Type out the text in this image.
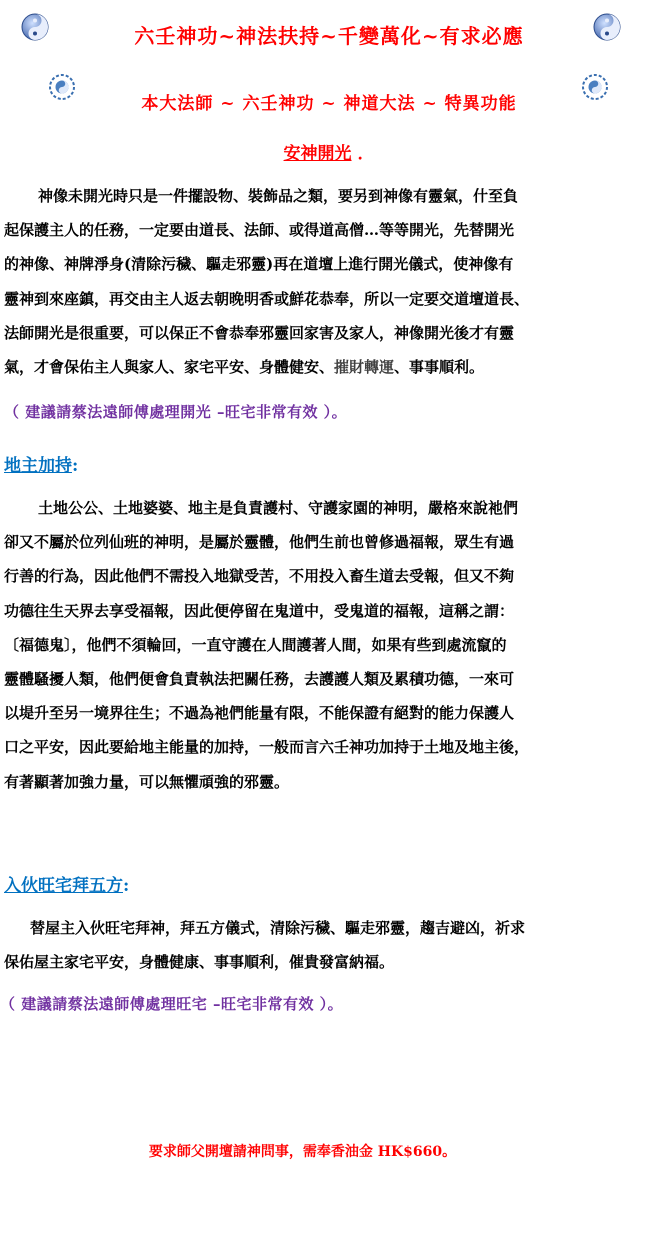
六壬神功~神法扶持~千變萬化~有求必應
本大法師 ~ 六壬神功 ~ 神道大法 ~ 特異功能
安神開光 ．
神像未開光時只是一件擺設物、裝飾品之類，要另到神像有靈氣，什至負
起保護主人的任務，一定要由道長、法師、或得道高僧…等等開光，先替開光
的神像、神牌淨身(清除污穢、驅走邪靈)再在道壇上進行開光儀式，使神像有
靈神到來座鎮，再交由主人返去朝晚明香或鮮花恭奉，所以一定要交道壇道長、
法師開光是很重要，可以保正不會恭奉邪靈回家害及家人，神像開光後才有靈
氣，才會保佑主人與家人、家宅平安、身體健安、摧財轉運、事事順利。
（ 建議請蔡法遠師傅處理開光 –旺宅非常有效 ）。
地主加持:
土地公公、土地婆婆、地主是負責護村、守護家園的神明，嚴格來說祂們
卻又不屬於位列仙班的神明，是屬於靈體，他們生前也曾修過福報，眾生有過
行善的行為，因此他們不需投入地獄受苦，不用投入畜生道去受報，但又不夠
功德往生天界去享受福報，因此便停留在鬼道中，受鬼道的福報，這稱之謂：
〔福德鬼〕，他們不須輪回，一直守護在人間護著人間，如果有些到處流竄的
靈體騷擾人類，他們便會負責執法把關任務，去護護人類及累積功德，一來可
以堤升至另一境界往生；不過為祂們能量有限，不能保證有絕對的能力保護人
口之平安，因此要給地主能量的加持，一般而言六壬神功加持于土地及地主後，
有著顯著加強力量，可以無懼頑強的邪靈。
入伙旺宅拜五方:
替屋主入伙旺宅拜神，拜五方儀式，清除污穢、驅走邪靈，趨吉避凶，祈求
保佑屋主家宅平安，身體健康、事事順利，催貴發富納福。
（ 建議請蔡法遠師傅處理旺宅 –旺宅非常有效 ）。
要求師父開壇請神問事，需奉香油金 HK$660。
